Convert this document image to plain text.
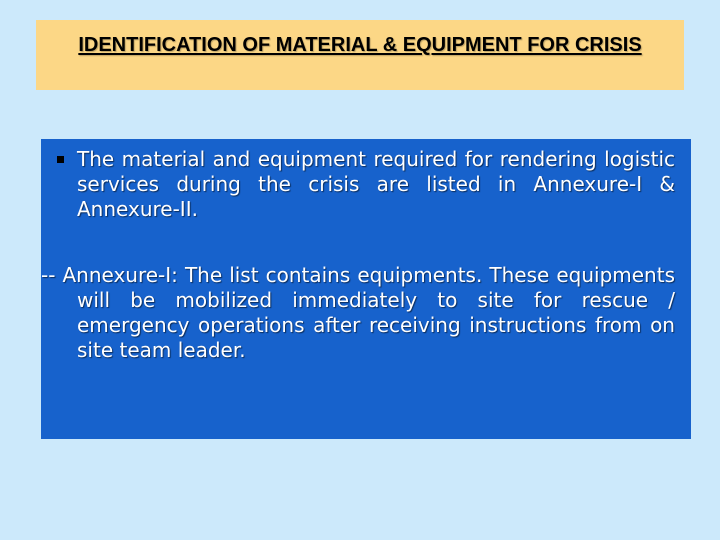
IDENTIFICATION OF MATERIAL & EQUIPMENT FOR CRISIS

The material and equipment required for rendering logistic services during the crisis are listed in Annexure-I & Annexure-II.

-- Annexure-I: The list contains equipments. These equipments will be mobilized immediately to site for rescue / emergency operations after receiving instructions from on site team leader.
